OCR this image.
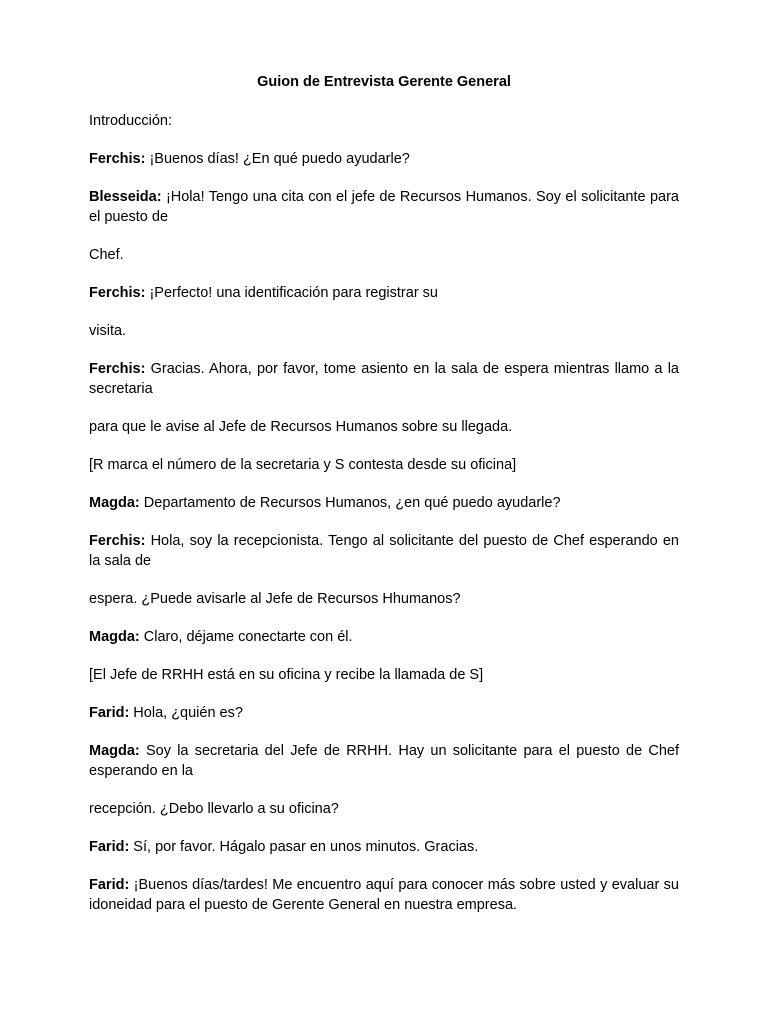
Guion de Entrevista Gerente General

Introducción:

Ferchis: ¡Buenos días! ¿En qué puedo ayudarle?

Blesseida: ¡Hola! Tengo una cita con el jefe de Recursos Humanos. Soy el solicitante para el puesto de

Chef.

Ferchis: ¡Perfecto! una identificación para registrar su

visita.

Ferchis: Gracias. Ahora, por favor, tome asiento en la sala de espera mientras llamo a la secretaria

para que le avise al Jefe de Recursos Humanos sobre su llegada.

[R marca el número de la secretaria y S contesta desde su oficina]

Magda: Departamento de Recursos Humanos, ¿en qué puedo ayudarle?

Ferchis: Hola, soy la recepcionista. Tengo al solicitante del puesto de Chef esperando en la sala de

espera. ¿Puede avisarle al Jefe de Recursos Hhumanos?

Magda: Claro, déjame conectarte con él.

[El Jefe de RRHH está en su oficina y recibe la llamada de S]

Farid: Hola, ¿quién es?

Magda: Soy la secretaria del Jefe de RRHH. Hay un solicitante para el puesto de Chef esperando en la

recepción. ¿Debo llevarlo a su oficina?

Farid: Sí, por favor. Hágalo pasar en unos minutos. Gracias.

Farid: ¡Buenos días/tardes! Me encuentro aquí para conocer más sobre usted y evaluar su idoneidad para el puesto de Gerente General en nuestra empresa.
